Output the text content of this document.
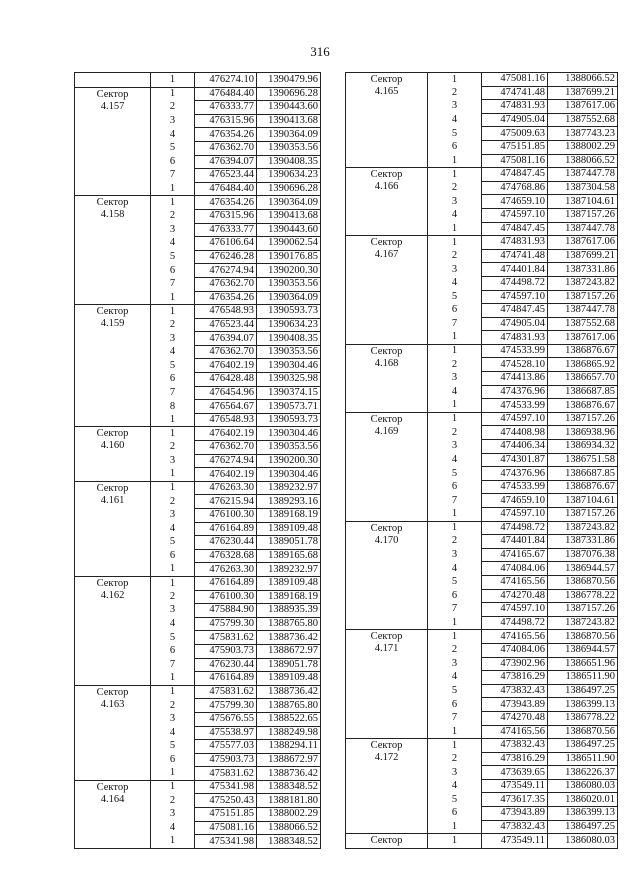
316
	1	476274.10	1390479.96

Сектор
4.157	1	476484.40	1390696.28
	2	476333.77	1390443.60
	3	476315.96	1390413.68
	4	476354.26	1390364.09
	5	476362.70	1390353.56
	6	476394.07	1390408.35
	7	476523.44	1390634.23
	1	476484.40	1390696.28

Сектор
4.158	1	476354.26	1390364.09
	2	476315.96	1390413.68
	3	476333.77	1390443.60
	4	476106.64	1390062.54
	5	476246.28	1390176.85
	6	476274.94	1390200.30
	7	476362.70	1390353.56
	1	476354.26	1390364.09

Сектор
4.159	1	476548.93	1390593.73
	2	476523.44	1390634.23
	3	476394.07	1390408.35
	4	476362.70	1390353.56
	5	476402.19	1390304.46
	6	476428.48	1390325.98
	7	476454.96	1390374.15
	8	476564.67	1390573.71
	1	476548.93	1390593.73

Сектор
4.160	1	476402.19	1390304.46
	2	476362.70	1390353.56
	3	476274.94	1390200.30
	1	476402.19	1390304.46

Сектор
4.161	1	476263.30	1389232.97
	2	476215.94	1389293.16
	3	476100.30	1389168.19
	4	476164.89	1389109.48
	5	476230.44	1389051.78
	6	476328.68	1389165.68
	1	476263.30	1389232.97

Сектор
4.162	1	476164.89	1389109.48
	2	476100.30	1389168.19
	3	475884.90	1388935.39
	4	475799.30	1388765.80
	5	475831.62	1388736.42
	6	475903.73	1388672.97
	7	476230.44	1389051.78
	1	476164.89	1389109.48

Сектор
4.163	1	475831.62	1388736.42
	2	475799.30	1388765.80
	3	475676.55	1388522.65
	4	475538.97	1388249.98
	5	475577.03	1388294.11
	6	475903.73	1388672.97
	1	475831.62	1388736.42

Сектор
4.164	1	475341.98	1388348.52
	2	475250.43	1388181.80
	3	475151.85	1388002.29
	4	475081.16	1388066.52
	1	475341.98	1388348.52
Сектор
4.165	1	475081.16	1388066.52
	2	474741.48	1387699.21
	3	474831.93	1387617.06
	4	474905.04	1387552.68
	5	475009.63	1387743.23
	6	475151.85	1388002.29
	1	475081.16	1388066.52

Сектор
4.166	1	474847.45	1387447.78
	2	474768.86	1387304.58
	3	474659.10	1387104.61
	4	474597.10	1387157.26
	1	474847.45	1387447.78

Сектор
4.167	1	474831.93	1387617.06
	2	474741.48	1387699.21
	3	474401.84	1387331.86
	4	474498.72	1387243.82
	5	474597.10	1387157.26
	6	474847.45	1387447.78
	7	474905.04	1387552.68
	1	474831.93	1387617.06

Сектор
4.168	1	474533.99	1386876.67
	2	474528.10	1386865.92
	3	474413.86	1386657.70
	4	474376.96	1386687.85
	1	474533.99	1386876.67

Сектор
4.169	1	474597.10	1387157.26
	2	474408.98	1386938.96
	3	474406.34	1386934.32
	4	474301.87	1386751.58
	5	474376.96	1386687.85
	6	474533.99	1386876.67
	7	474659.10	1387104.61
	1	474597.10	1387157.26

Сектор
4.170	1	474498.72	1387243.82
	2	474401.84	1387331.86
	3	474165.67	1387076.38
	4	474084.06	1386944.57
	5	474165.56	1386870.56
	6	474270.48	1386778.22
	7	474597.10	1387157.26
	1	474498.72	1387243.82

Сектор
4.171	1	474165.56	1386870.56
	2	474084.06	1386944.57
	3	473902.96	1386651.96
	4	473816.29	1386511.90
	5	473832.43	1386497.25
	6	473943.89	1386399.13
	7	474270.48	1386778.22
	1	474165.56	1386870.56

Сектор
4.172	1	473832.43	1386497.25
	2	473816.29	1386511.90
	3	473639.65	1386226.37
	4	473549.11	1386080.03
	5	473617.35	1386020.01
	6	473943.89	1386399.13
	1	473832.43	1386497.25
Сектор	1	473549.11	1386080.03
